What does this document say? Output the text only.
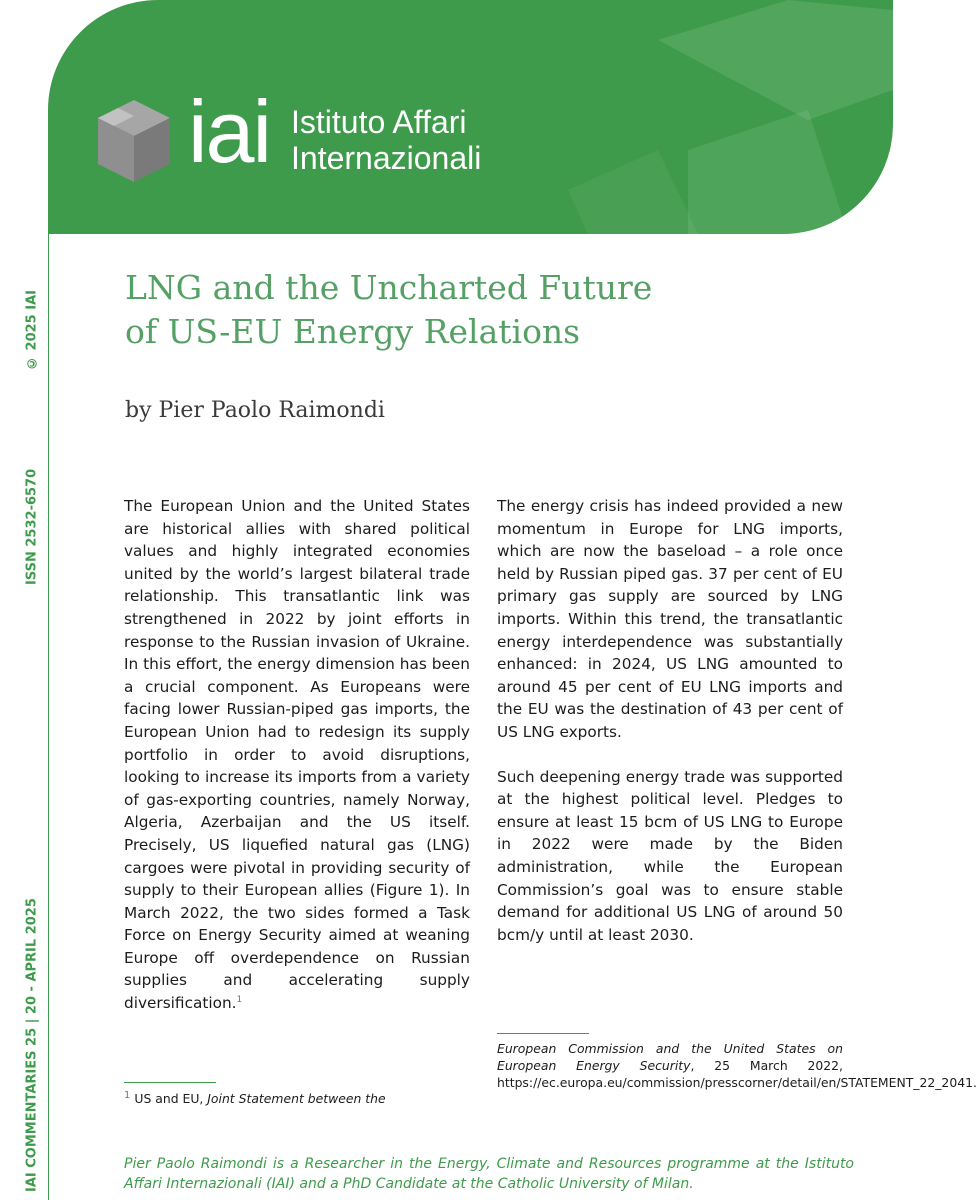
iai Istituto Affari
Internazionali
© 2025 IAI
ISSN 2532-6570
IAI COMMENTARIES 25 | 20 - APRIL 2025
LNG and the Uncharted Future
of US-EU Energy Relations
by Pier Paolo Raimondi

The European Union and the United States are historical allies with shared political values and highly integrated economies united by the world’s largest bilateral trade relationship. This transatlantic link was strengthened in 2022 by joint efforts in response to the Russian invasion of Ukraine. In this effort, the energy dimension has been a crucial component. As Europeans were facing lower Russian-piped gas imports, the European Union had to redesign its supply portfolio in order to avoid disruptions, looking to increase its imports from a variety of gas-exporting countries, namely Norway, Algeria, Azerbaijan and the US itself. Precisely, US liquefied natural gas (LNG) cargoes were pivotal in providing security of supply to their European allies (Figure 1). In March 2022, the two sides formed a Task Force on Energy Security aimed at weaning Europe off overdependence on Russian supplies and accelerating supply diversification.$^1$

The energy crisis has indeed provided a new momentum in Europe for LNG imports, which are now the baseload – a role once held by Russian piped gas. 37 per cent of EU primary gas supply are sourced by LNG imports. Within this trend, the transatlantic energy interdependence was substantially enhanced: in 2024, US LNG amounted to around 45 per cent of EU LNG imports and the EU was the destination of 43 per cent of US LNG exports.

Such deepening energy trade was supported at the highest political level. Pledges to ensure at least 15 bcm of US LNG to Europe in 2022 were made by the Biden administration, while the European Commission’s goal was to ensure stable demand for additional US LNG of around 50 bcm/y until at least 2030.

$^1$ US and EU, Joint Statement between the
European Commission and the United States on European Energy Security, 25 March 2022, https://ec.europa.eu/commission/presscorner/detail/en/STATEMENT_22_2041.
Pier Paolo Raimondi is a Researcher in the Energy, Climate and Resources programme at the Istituto Affari Internazionali (IAI) and a PhD Candidate at the Catholic University of Milan.
